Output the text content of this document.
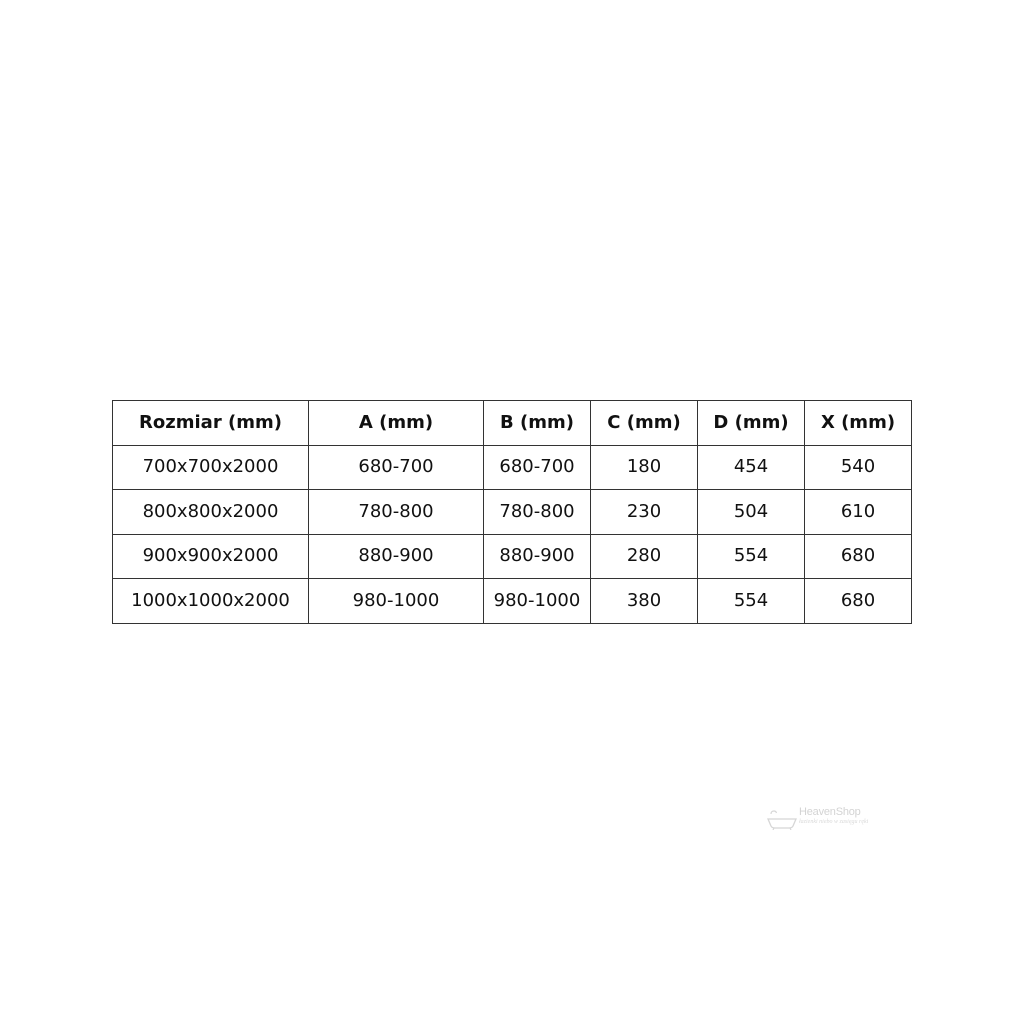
Rozmiar (mm)	A (mm)	B (mm)	C (mm)	D (mm)	X (mm)
700x700x2000	680-700	680-700	180	454	540
800x800x2000	780-800	780-800	230	504	610
900x900x2000	880-900	880-900	280	554	680
1000x1000x2000	980-1000	980-1000	380	554	680
HeavenShop
łazienki niebo w zasięgu ręki
